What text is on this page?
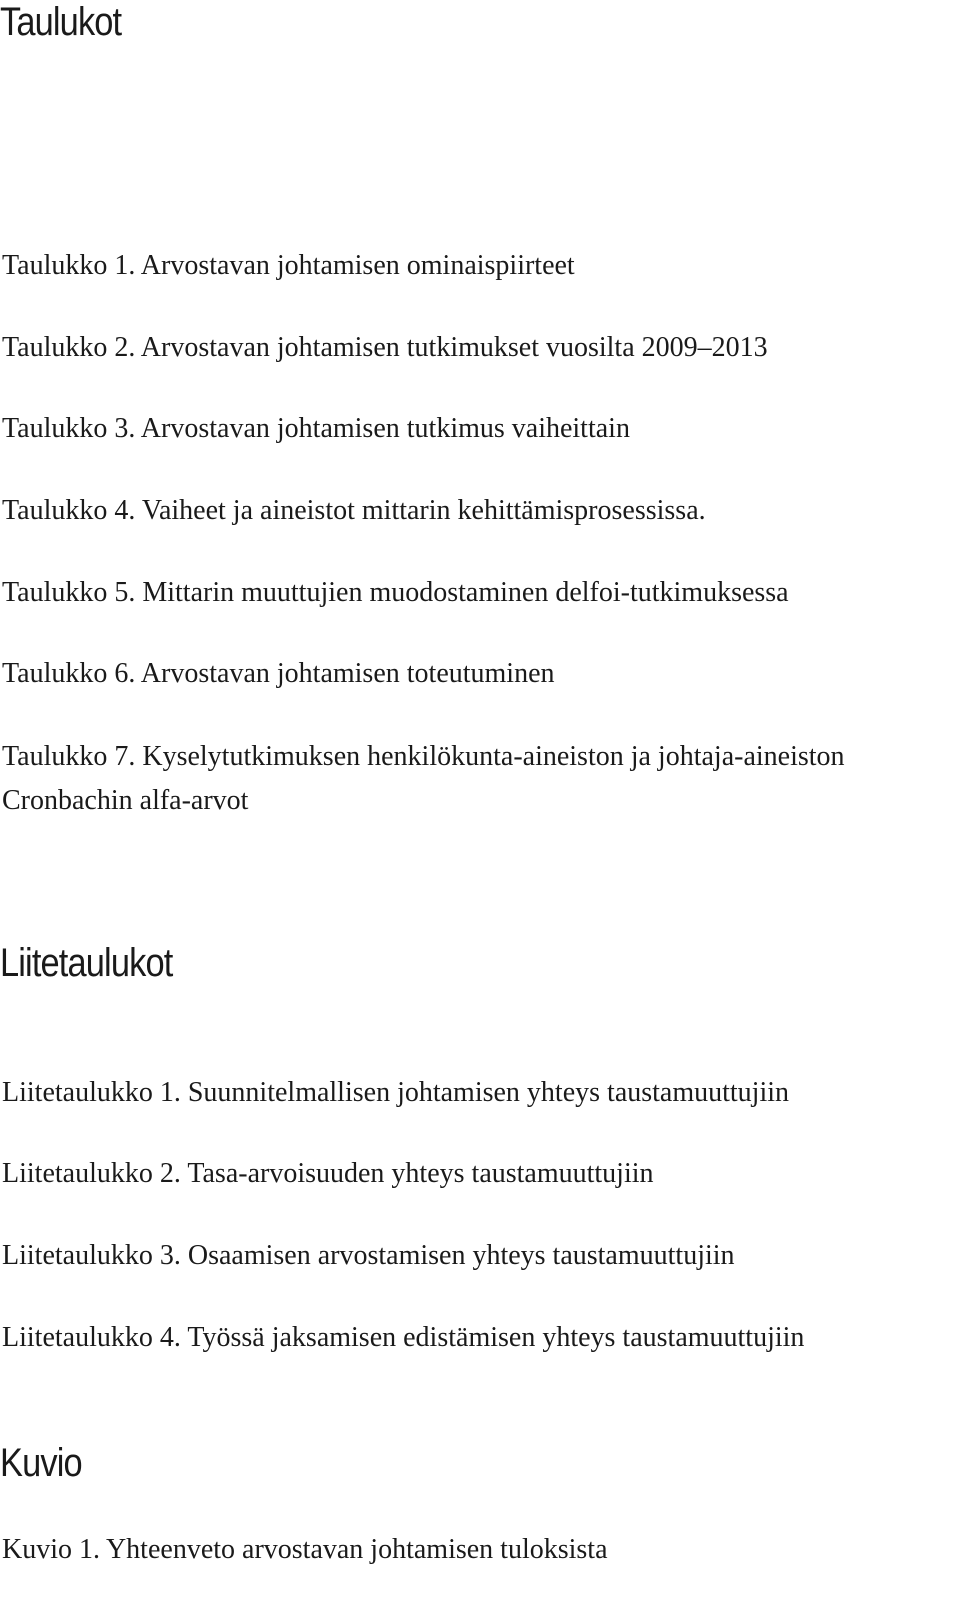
Taulukot

Taulukko 1. Arvostavan johtamisen ominaispiirteet

Taulukko 2. Arvostavan johtamisen tutkimukset vuosilta 2009–2013

Taulukko 3. Arvostavan johtamisen tutkimus vaiheittain

Taulukko 4. Vaiheet ja aineistot mittarin kehittämisprosessissa.

Taulukko 5. Mittarin muuttujien muodostaminen delfoi-tutkimuksessa

Taulukko 6. Arvostavan johtamisen toteutuminen

Taulukko 7. Kyselytutkimuksen henkilökunta-aineiston ja johtaja-aineiston

Cronbachin alfa-arvot

Liitetaulukot

Liitetaulukko 1. Suunnitelmallisen johtamisen yhteys taustamuuttujiin

Liitetaulukko 2. Tasa-arvoisuuden yhteys taustamuuttujiin

Liitetaulukko 3. Osaamisen arvostamisen yhteys taustamuuttujiin

Liitetaulukko 4. Työssä jaksamisen edistämisen yhteys taustamuuttujiin

Kuvio

Kuvio 1. Yhteenveto arvostavan johtamisen tuloksista
